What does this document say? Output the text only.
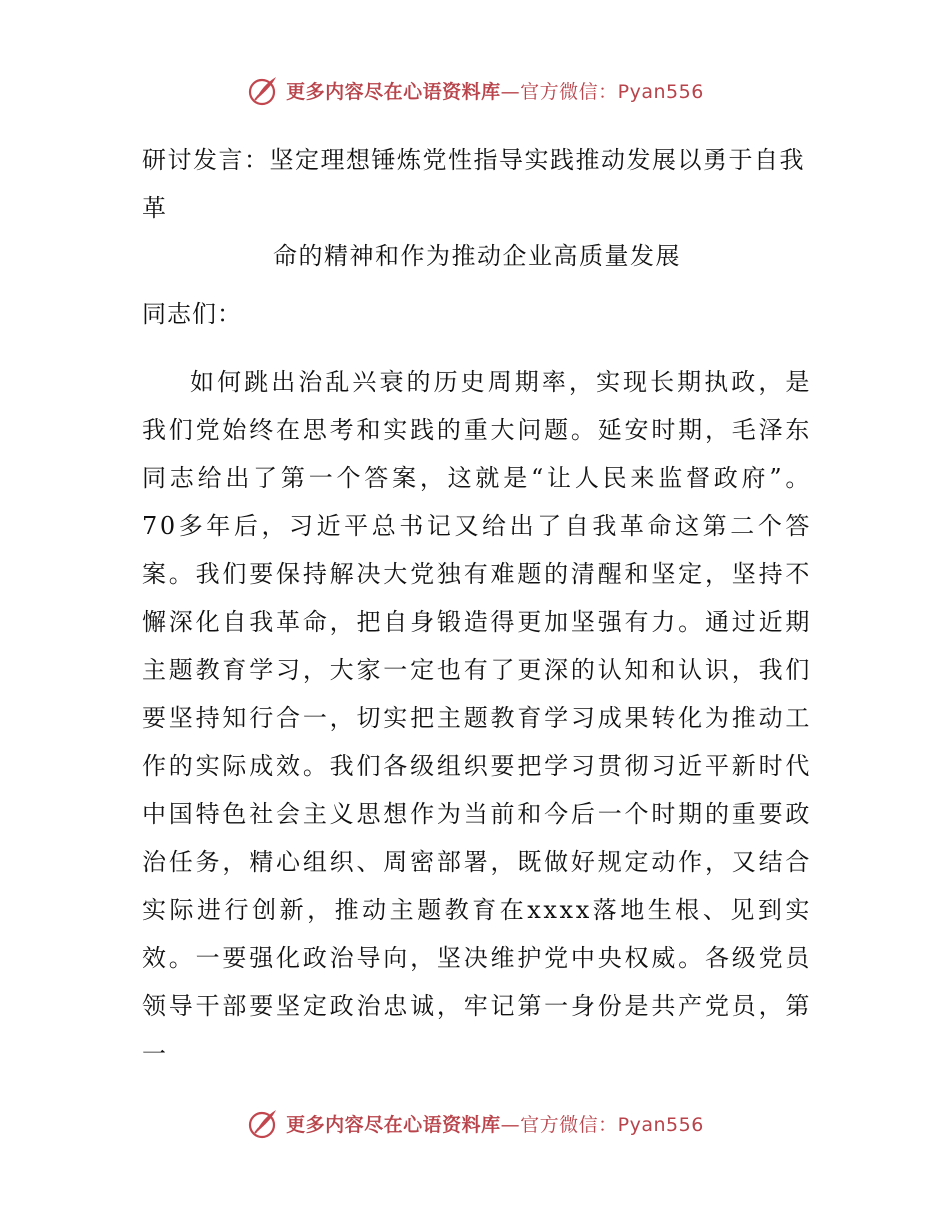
更多内容尽在心语资料库—官方微信：Pyan556
研讨发言：坚定理想锤炼党性指导实践推动发展以勇于自我革
命的精神和作为推动企业高质量发展

同志们：

如何跳出治乱兴衰的历史周期率，实现长期执政，是我们党始终在思考和实践的重大问题。延安时期，毛泽东同志给出了第一个答案，这就是“让人民来监督政府”。70多年后，习近平总书记又给出了自我革命这第二个答案。我们要保持解决大党独有难题的清醒和坚定，坚持不懈深化自我革命，把自身锻造得更加坚强有力。通过近期主题教育学习，大家一定也有了更深的认知和认识，我们要坚持知行合一，切实把主题教育学习成果转化为推动工作的实际成效。我们各级组织要把学习贯彻习近平新时代中国特色社会主义思想作为当前和今后一个时期的重要政治任务，精心组织、周密部署，既做好规定动作，又结合实际进行创新，推动主题教育在xxxx落地生根、见到实效。一要强化政治导向，坚决维护党中央权威。各级党员领导干部要坚定政治忠诚，牢记第一身份是共产党员，第一

更多内容尽在心语资料库—官方微信：Pyan556
